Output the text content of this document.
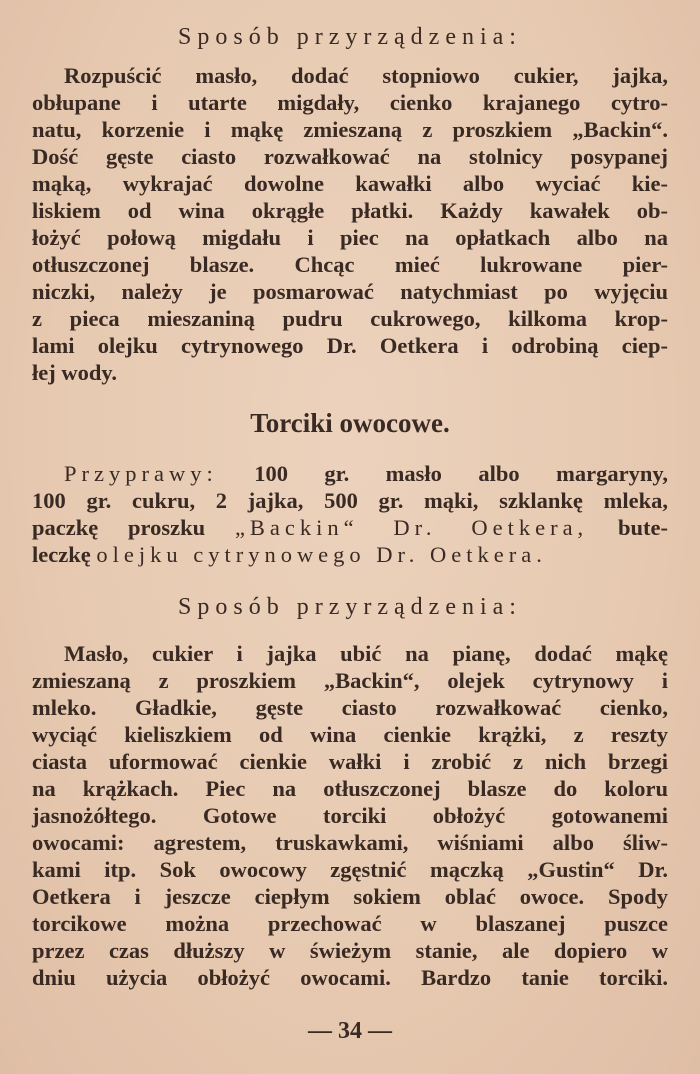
Sposób przyrządzenia:

Rozpuścić masło, dodać stopniowo cukier, jajka,
obłupane i utarte migdały, cienko krajanego cytro-
natu, korzenie i mąkę zmieszaną z proszkiem „Backin“.
Dość gęste ciasto rozwałkować na stolnicy posypanej
mąką, wykrajać dowolne kawałki albo wyciać kie-
liskiem od wina okrągłe płatki. Każdy kawałek ob-
łożyć połową migdału i piec na opłatkach albo na
otłuszczonej blasze. Chcąc mieć lukrowane pier-
niczki, należy je posmarować natychmiast po wyjęciu
z pieca mieszaniną pudru cukrowego, kilkoma krop-
lami olejku cytrynowego Dr. Oetkera i odrobiną ciep-
łej wody.

Torciki owocowe.

Przyprawy: 100 gr. masło albo margaryny,
100 gr. cukru, 2 jajka, 500 gr. mąki, szklankę mleka,
paczkę proszku „Backin“ Dr. Oetkera, bute-
leczkę olejku cytrynowego Dr. Oetkera.

Sposób przyrządzenia:

Masło, cukier i jajka ubić na pianę, dodać mąkę
zmieszaną z proszkiem „Backin“, olejek cytrynowy i
mleko. Gładkie, gęste ciasto rozwałkować cienko,
wyciąć kieliszkiem od wina cienkie krążki, z reszty
ciasta uformować cienkie wałki i zrobić z nich brzegi
na krążkach. Piec na otłuszczonej blasze do koloru
jasnożółtego. Gotowe torciki obłożyć gotowanemi
owocami: agrestem, truskawkami, wiśniami albo śliw-
kami itp. Sok owocowy zgęstnić mączką „Gustin“ Dr.
Oetkera i jeszcze ciepłym sokiem oblać owoce. Spody
torcikowe można przechować w blaszanej puszce
przez czas dłuższy w świeżym stanie, ale dopiero w
dniu użycia obłożyć owocami. Bardzo tanie torciki.

— 34 —
